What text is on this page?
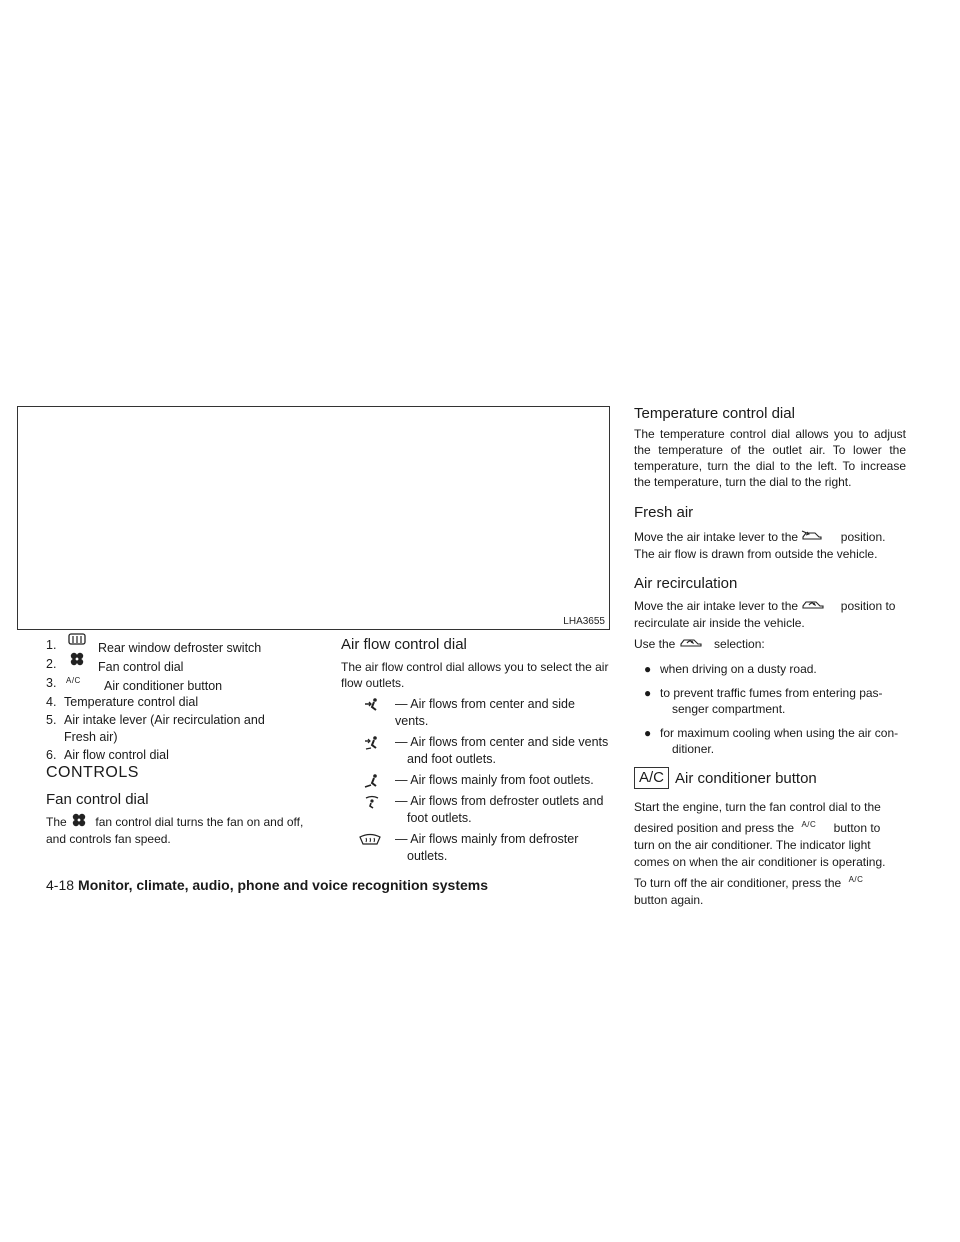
LHA3655
1.	Rear window defroster switch
2.	Fan control dial
3. A/C	Air conditioner button
4. Temperature control dial
5. Air intake lever (Air recirculation and
Fresh air)
6. Air flow control dial
CONTROLS
Fan control dial
The fan control dial turns the fan on and off,
and controls fan speed.
Air flow control dial
The air flow control dial allows you to select the air flow outlets.
— Air flows from center and side vents.
— Air flows from center and side vents
and foot outlets.
— Air flows mainly from foot outlets.
— Air flows from defroster outlets and
foot outlets.
— Air flows mainly from defroster
outlets.
Temperature control dial
The temperature control dial allows you to adjust the temperature of the outlet air. To lower the temperature, turn the dial to the left. To increase the temperature, turn the dial to the right.
Fresh air
Move the air intake lever to the	position.
The air flow is drawn from outside the vehicle.
Air recirculation
Move the air intake lever to the	position to
recirculate air inside the vehicle.
Use the	selection:
● when driving on a dusty road.
● to prevent traffic fumes from entering pas-
senger compartment.
● for maximum cooling when using the air con-
ditioner.
A/C Air conditioner button
Start the engine, turn the fan control dial to the
desired position and press the $^{A/C}$ button to
turn on the air conditioner. The indicator light
comes on when the air conditioner is operating.
To turn off the air conditioner, press the $^{A/C}$
button again.
4-18 Monitor, climate, audio, phone and voice recognition systems
